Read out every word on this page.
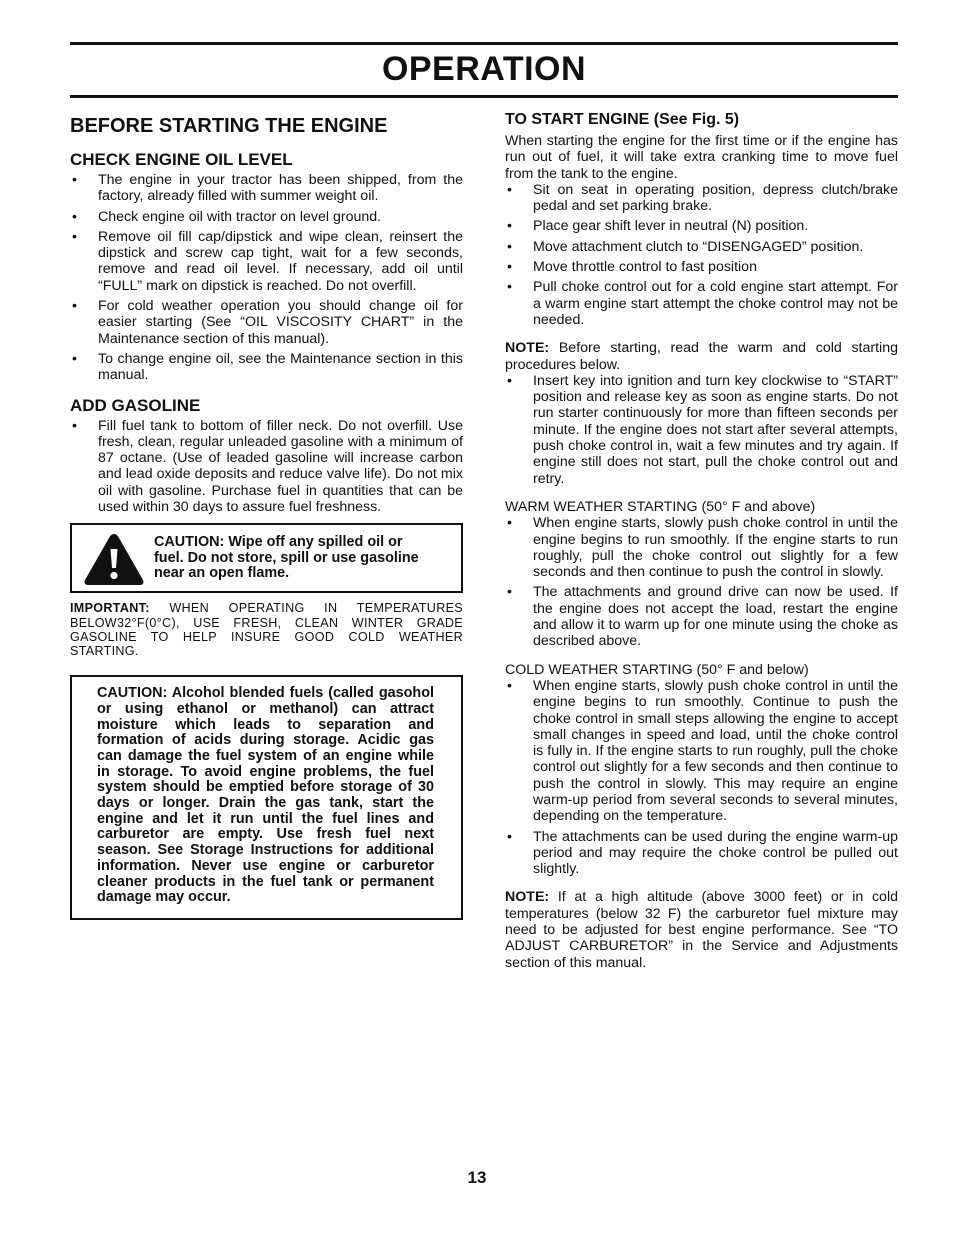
OPERATION
BEFORE STARTING THE ENGINE
CHECK ENGINE OIL LEVEL
• The engine in your tractor has been shipped, from the factory, already filled with summer weight oil.
• Check engine oil with tractor on level ground.
• Remove oil fill cap/dipstick and wipe clean, reinsert the dipstick and screw cap tight, wait for a few seconds, remove and read oil level. If necessary, add oil until “FULL” mark on dipstick is reached. Do not overfill.
• For cold weather operation you should change oil for easier starting (See “OIL VISCOSITY CHART” in the Maintenance section of this manual).
• To change engine oil, see the Maintenance section in this manual.
ADD GASOLINE
• Fill fuel tank to bottom of filler neck. Do not overfill. Use fresh, clean, regular unleaded gasoline with a minimum of 87 octane. (Use of leaded gasoline will increase carbon and lead oxide deposits and reduce valve life). Do not mix oil with gasoline. Purchase fuel in quantities that can be used within 30 days to assure fuel freshness.
CAUTION: Wipe off any spilled oil or fuel. Do not store, spill or use gasoline near an open flame.
IMPORTANT: WHEN OPERATING IN TEMPERATURES BELOW32°F(0°C), USE FRESH, CLEAN WINTER GRADE GASOLINE TO HELP INSURE GOOD COLD WEATHER STARTING.
CAUTION: Alcohol blended fuels (called gasohol or using ethanol or methanol) can attract moisture which leads to separation and formation of acids during storage. Acidic gas can damage the fuel system of an engine while in storage. To avoid engine problems, the fuel system should be emptied before storage of 30 days or longer. Drain the gas tank, start the engine and let it run until the fuel lines and carburetor are empty. Use fresh fuel next season. See Storage Instructions for additional information. Never use engine or carburetor cleaner products in the fuel tank or permanent damage may occur.
TO START ENGINE (See Fig. 5)

When starting the engine for the first time or if the engine has run out of fuel, it will take extra cranking time to move fuel from the tank to the engine.

• Sit on seat in operating position, depress clutch/brake pedal and set parking brake.
• Place gear shift lever in neutral (N) position.
• Move attachment clutch to “DISENGAGED” position.
• Move throttle control to fast position
• Pull choke control out for a cold engine start attempt. For a warm engine start attempt the choke control may not be needed.

NOTE: Before starting, read the warm and cold starting procedures below.

• Insert key into ignition and turn key clockwise to “START” position and release key as soon as engine starts. Do not run starter continuously for more than fifteen seconds per minute. If the engine does not start after several attempts, push choke control in, wait a few minutes and try again. If engine still does not start, pull the choke control out and retry.

WARM WEATHER STARTING (50° F and above)

• When engine starts, slowly push choke control in until the engine begins to run smoothly. If the engine starts to run roughly, pull the choke control out slightly for a few seconds and then continue to push the control in slowly.
• The attachments and ground drive can now be used. If the engine does not accept the load, restart the engine and allow it to warm up for one minute using the choke as described above.

COLD WEATHER STARTING (50° F and below)

• When engine starts, slowly push choke control in until the engine begins to run smoothly. Continue to push the choke control in small steps allowing the engine to accept small changes in speed and load, until the choke control is fully in. If the engine starts to run roughly, pull the choke control out slightly for a few seconds and then continue to push the control in slowly. This may require an engine warm-up period from several seconds to several minutes, depending on the temperature.
• The attachments can be used during the engine warm-up period and may require the choke control be pulled out slightly.

NOTE: If at a high altitude (above 3000 feet) or in cold temperatures (below 32 F) the carburetor fuel mixture may need to be adjusted for best engine performance. See “TO ADJUST CARBURETOR” in the Service and Adjustments section of this manual.

13
